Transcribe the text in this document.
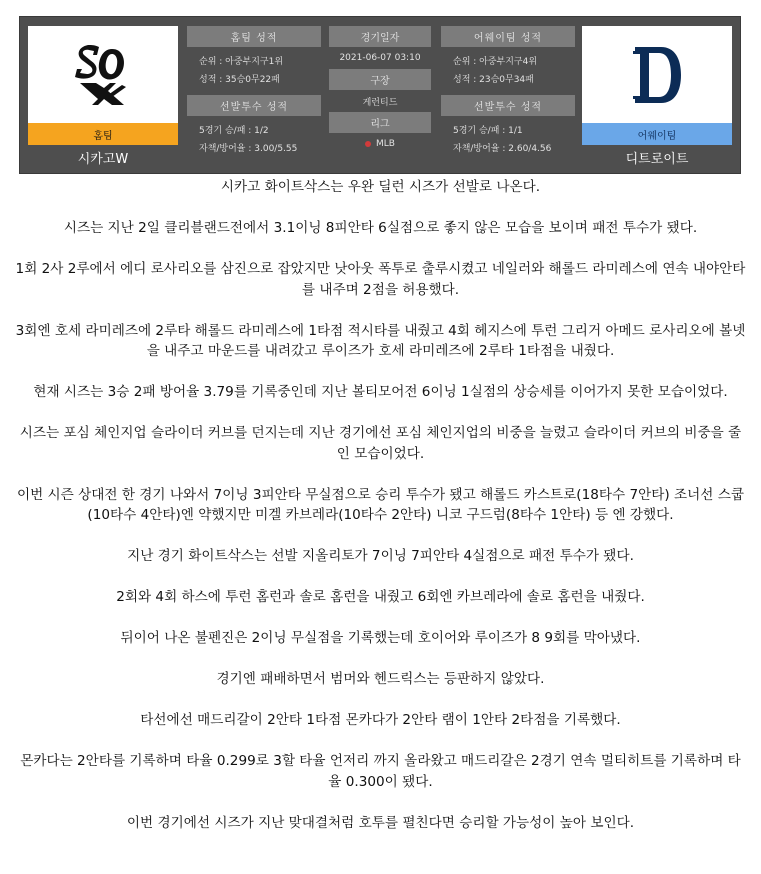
홈팀
시카고W
홈팀 성적
순위 : 아중부지구1위
성적 : 35승0무22패
선발투수 성적
5경기 승/패 : 1/2
자책/방어율 : 3.00/5.55
경기일자
2021-06-07 03:10
구장
게런티드
리그
MLB
어웨이팀 성적
순위 : 아중부지구4위
성적 : 23승0무34패
선발투수 성적
5경기 승/패 : 1/1
자책/방어율 : 2.60/4.56
어웨이팀
디트로이트

시카고 화이트삭스는 우완 딜런 시즈가 선발로 나온다.

시즈는 지난 2일 클리블랜드전에서 3.1이닝 8피안타 6실점으로 좋지 않은 모습을 보이며 패전 투수가 됐다.

1회 2사 2루에서 에디 로사리오를 삼진으로 잡았지만 낫아웃 폭투로 출루시켰고 네일러와 해롤드 라미레스에 연속 내야안타를 내주며 2점을 허용했다.

3회엔 호세 라미레즈에 2루타 해롤드 라미레스에 1타점 적시타를 내줬고 4회 헤지스에 투런 그리거 아메드 로사리오에 볼넷을 내주고 마운드를 내려갔고 루이즈가 호세 라미레즈에 2루타 1타점을 내줬다.

현재 시즈는 3승 2패 방어율 3.79를 기록중인데 지난 볼티모어전 6이닝 1실점의 상승세를 이어가지 못한 모습이었다.

시즈는 포심 체인지업 슬라이더 커브를 던지는데 지난 경기에선 포심 체인지업의 비중을 늘렸고 슬라이더 커브의 비중을 줄인 모습이었다.

이번 시즌 상대전 한 경기 나와서 7이닝 3피안타 무실점으로 승리 투수가 됐고 해롤드 카스트로(18타수 7안타) 조너선 스쿱(10타수 4안타)엔 약했지만 미겔 카브레라(10타수 2안타) 니코 구드럼(8타수 1안타) 등 엔 강했다.

지난 경기 화이트삭스는 선발 지올리토가 7이닝 7피안타 4실점으로 패전 투수가 됐다.

2회와 4회 하스에 투런 홈런과 솔로 홈런을 내줬고 6회엔 카브레라에 솔로 홈런을 내줬다.

뒤이어 나온 불펜진은 2이닝 무실점을 기록했는데 호이어와 루이즈가 8 9회를 막아냈다.

경기엔 패배하면서 범머와 헨드릭스는 등판하지 않았다.

타선에선 매드리갈이 2안타 1타점 몬카다가 2안타 램이 1안타 2타점을 기록했다.

몬카다는 2안타를 기록하며 타율 0.299로 3할 타율 언저리 까지 올라왔고 매드리갈은 2경기 연속 멀티히트를 기록하며 타율 0.300이 됐다.

이번 경기에선 시즈가 지난 맞대결처럼 호투를 펼친다면 승리할 가능성이 높아 보인다.
